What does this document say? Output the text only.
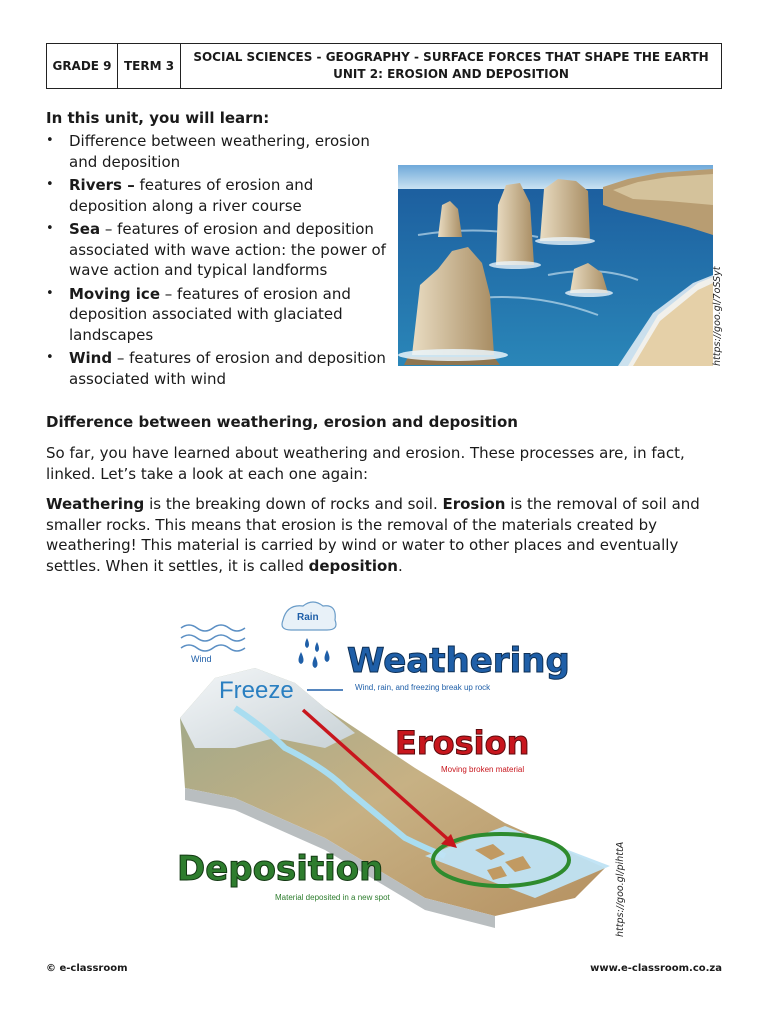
GRADE 9	TERM 3
SOCIAL SCIENCES - GEOGRAPHY - SURFACE FORCES THAT SHAPE THE EARTH
UNIT 2: EROSION AND DEPOSITION
In this unit, you will learn:
• Difference between weathering, erosion and deposition
• Rivers – features of erosion and deposition along a river course
• Sea – features of erosion and deposition associated with wave action: the power of wave action and typical landforms
• Moving ice – features of erosion and deposition associated with glaciated landscapes
• Wind – features of erosion and deposition associated with wind
https://goo.gl/7oSSyt
Difference between weathering, erosion and deposition

So far, you have learned about weathering and erosion. These processes are, in fact, linked. Let’s take a look at each one again:

Weathering is the breaking down of rocks and soil. Erosion is the removal of soil and smaller rocks. This means that erosion is the removal of the materials created by weathering! This material is carried by wind or water to other places and eventually settles. When it settles, it is called deposition.

Rain
Wind
Freeze
Weathering
Wind, rain, and freezing break up rock
Erosion
Moving broken material
Deposition
Material deposited in a new spot	https://goo.gl/pihttA
© e-classroom	www.e-classroom.co.za
